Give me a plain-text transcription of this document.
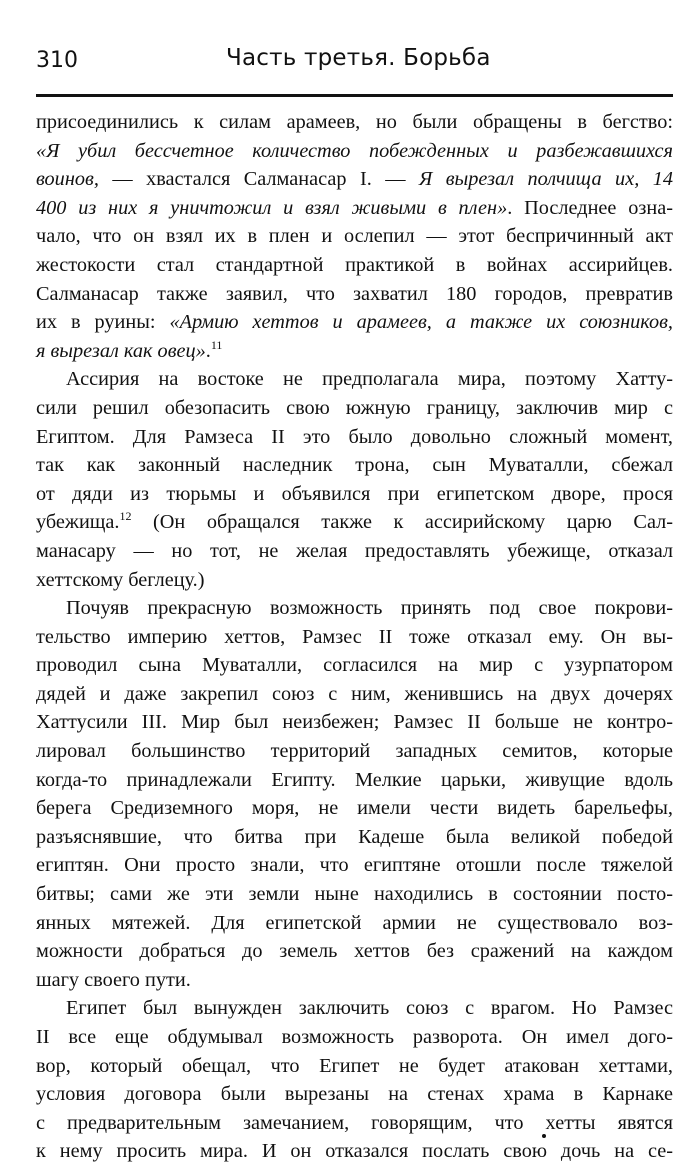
310	Часть третья. Борьба
присоединились к силам арамеев, но были обращены в бегство:
«Я убил бессчетное количество побежденных и разбежавшихся
воинов, — хвастался Салманасар I. — Я вырезал полчища их, 14
400 из них я уничтожил и взял живыми в плен». Последнее озна-
чало, что он взял их в плен и ослепил — этот беспричинный акт
жестокости стал стандартной практикой в войнах ассирийцев.
Салманасар также заявил, что захватил 180 городов, превратив
их в руины: «Армию хеттов и арамеев, а также их союзников,
я вырезал как овец».$^{11}$
Ассирия на востоке не предполагала мира, поэтому Хатту-
сили решил обезопасить свою южную границу, заключив мир с
Египтом. Для Рамзеса II это было довольно сложный момент,
так как законный наследник трона, сын Муваталли, сбежал
от дяди из тюрьмы и объявился при египетском дворе, прося
убежища.$^{12}$ (Он обращался также к ассирийскому царю Сал-
манасару — но тот, не желая предоставлять убежище, отказал
хеттскому беглецу.)
Почуяв прекрасную возможность принять под свое покрови-
тельство империю хеттов, Рамзес II тоже отказал ему. Он вы-
проводил сына Муваталли, согласился на мир с узурпатором
дядей и даже закрепил союз с ним, женившись на двух дочерях
Хаттусили III. Мир был неизбежен; Рамзес II больше не контро-
лировал большинство территорий западных семитов, которые
когда-то принадлежали Египту. Мелкие царьки, живущие вдоль
берега Средиземного моря, не имели чести видеть барельефы,
разъяснявшие, что битва при Кадеше была великой победой
египтян. Они просто знали, что египтяне отошли после тяжелой
битвы; сами же эти земли ныне находились в состоянии посто-
янных мятежей. Для египетской армии не существовало воз-
можности добраться до земель хеттов без сражений на каждом
шагу своего пути.
Египет был вынужден заключить союз с врагом. Но Рамзес
II все еще обдумывал возможность разворота. Он имел дого-
вор, который обещал, что Египет не будет атакован хеттами,
условия договора были вырезаны на стенах храма в Карнаке
с предварительным замечанием, говорящим, что хетты явятся
к нему просить мира. И он отказался послать свою дочь на се-
